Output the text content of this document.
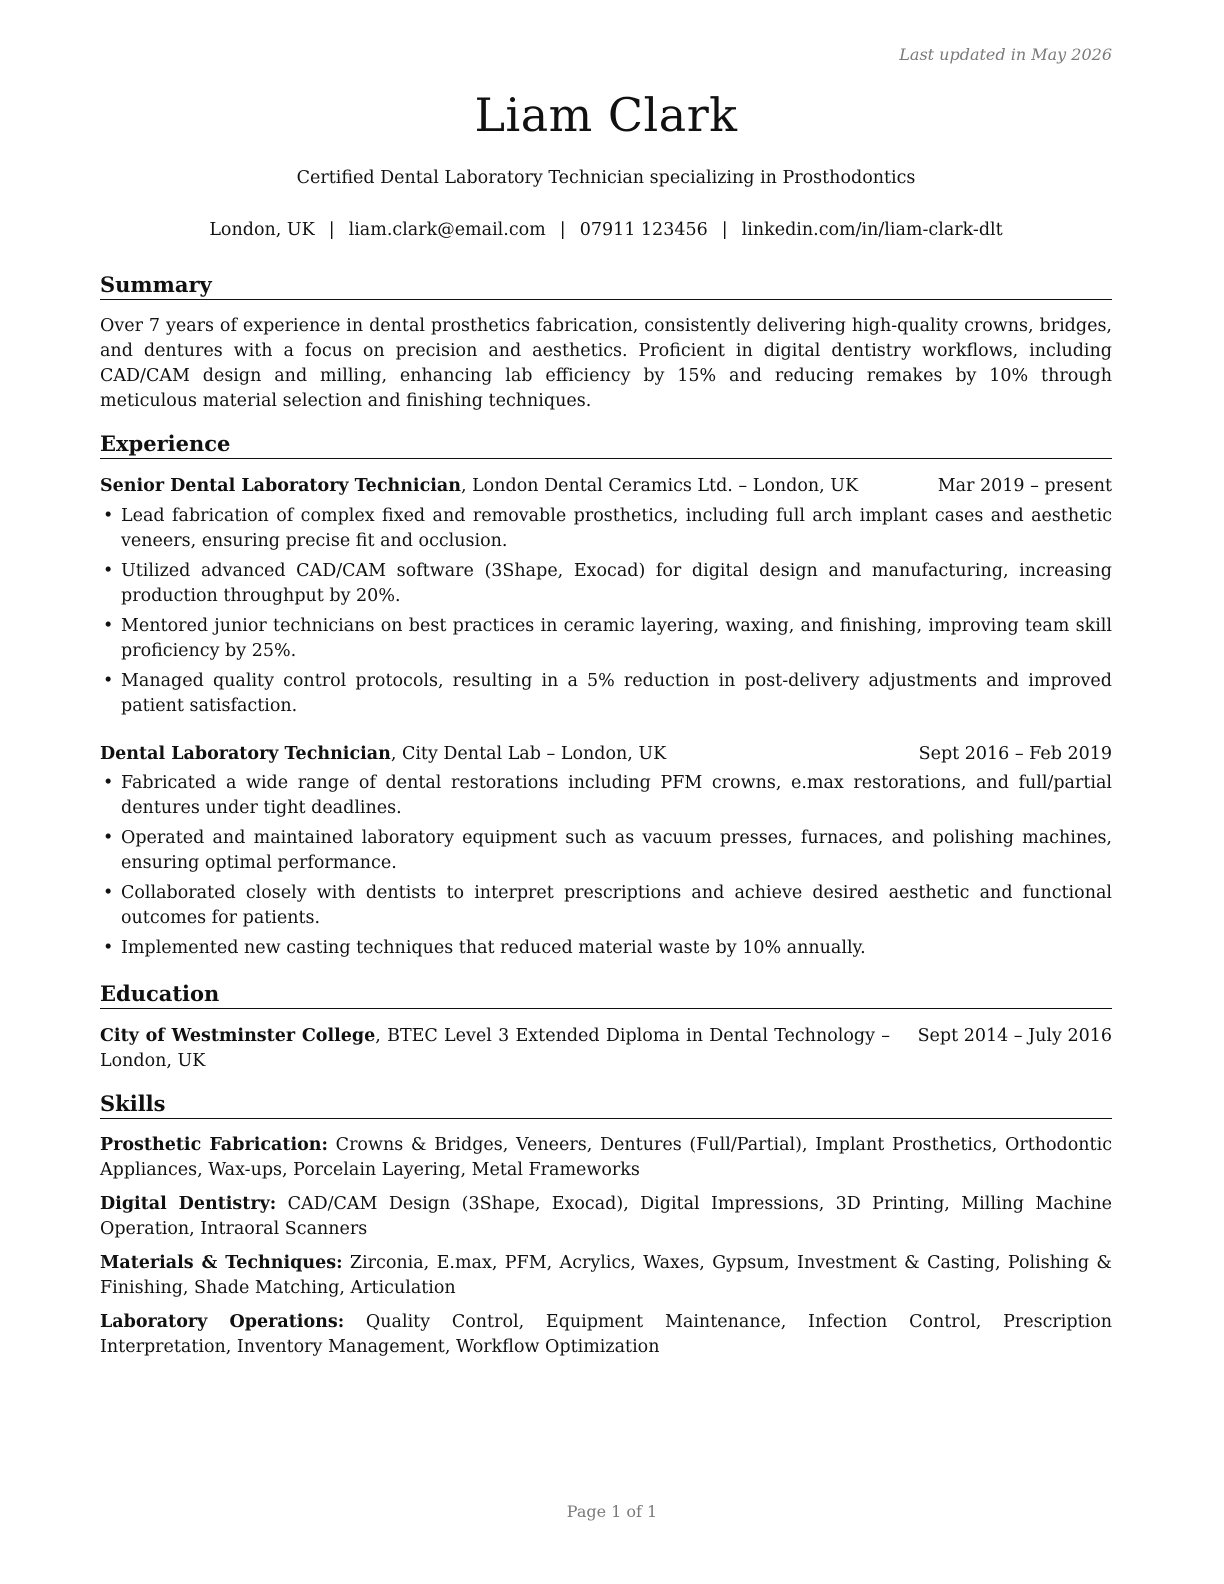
Last updated in May 2026
Liam Clark
Certified Dental Laboratory Technician specializing in Prosthodontics
London, UK | liam.clark@email.com | 07911 123456 | linkedin.com/in/liam-clark-dlt
Summary
Over 7 years of experience in dental prosthetics fabrication, consistently delivering high-quality crowns, bridges, and dentures with a focus on precision and aesthetics. Proficient in digital dentistry workflows, including CAD/CAM design and milling, enhancing lab efficiency by 15% and reducing remakes by 10% through meticulous material selection and finishing techniques.
Experience
Senior Dental Laboratory Technician, London Dental Ceramics Ltd. – London, UK	Mar 2019 – present
• Lead fabrication of complex fixed and removable prosthetics, including full arch implant cases and aesthetic veneers, ensuring precise fit and occlusion.
• Utilized advanced CAD/CAM software (3Shape, Exocad) for digital design and manufacturing, increasing production throughput by 20%.
• Mentored junior technicians on best practices in ceramic layering, waxing, and finishing, improving team skill proficiency by 25%.
• Managed quality control protocols, resulting in a 5% reduction in post-delivery adjustments and improved patient satisfaction.
Dental Laboratory Technician, City Dental Lab – London, UK	Sept 2016 – Feb 2019
• Fabricated a wide range of dental restorations including PFM crowns, e.max restorations, and full/partial dentures under tight deadlines.
• Operated and maintained laboratory equipment such as vacuum presses, furnaces, and polishing machines, ensuring optimal performance.
• Collaborated closely with dentists to interpret prescriptions and achieve desired aesthetic and functional outcomes for patients.
• Implemented new casting techniques that reduced material waste by 10% annually.
Education
City of Westminster College, BTEC Level 3 Extended Diploma in Dental Technology – London, UK
Sept 2014 – July 2016
Skills
Prosthetic Fabrication: Crowns & Bridges, Veneers, Dentures (Full/Partial), Implant Prosthetics, Orthodontic Appliances, Wax-ups, Porcelain Layering, Metal Frameworks
Digital Dentistry: CAD/CAM Design (3Shape, Exocad), Digital Impressions, 3D Printing, Milling Machine Operation, Intraoral Scanners
Materials & Techniques: Zirconia, E.max, PFM, Acrylics, Waxes, Gypsum, Investment & Casting, Polishing & Finishing, Shade Matching, Articulation
Laboratory Operations: Quality Control, Equipment Maintenance, Infection Control, Prescription Interpretation, Inventory Management, Workflow Optimization
Page 1 of 1
